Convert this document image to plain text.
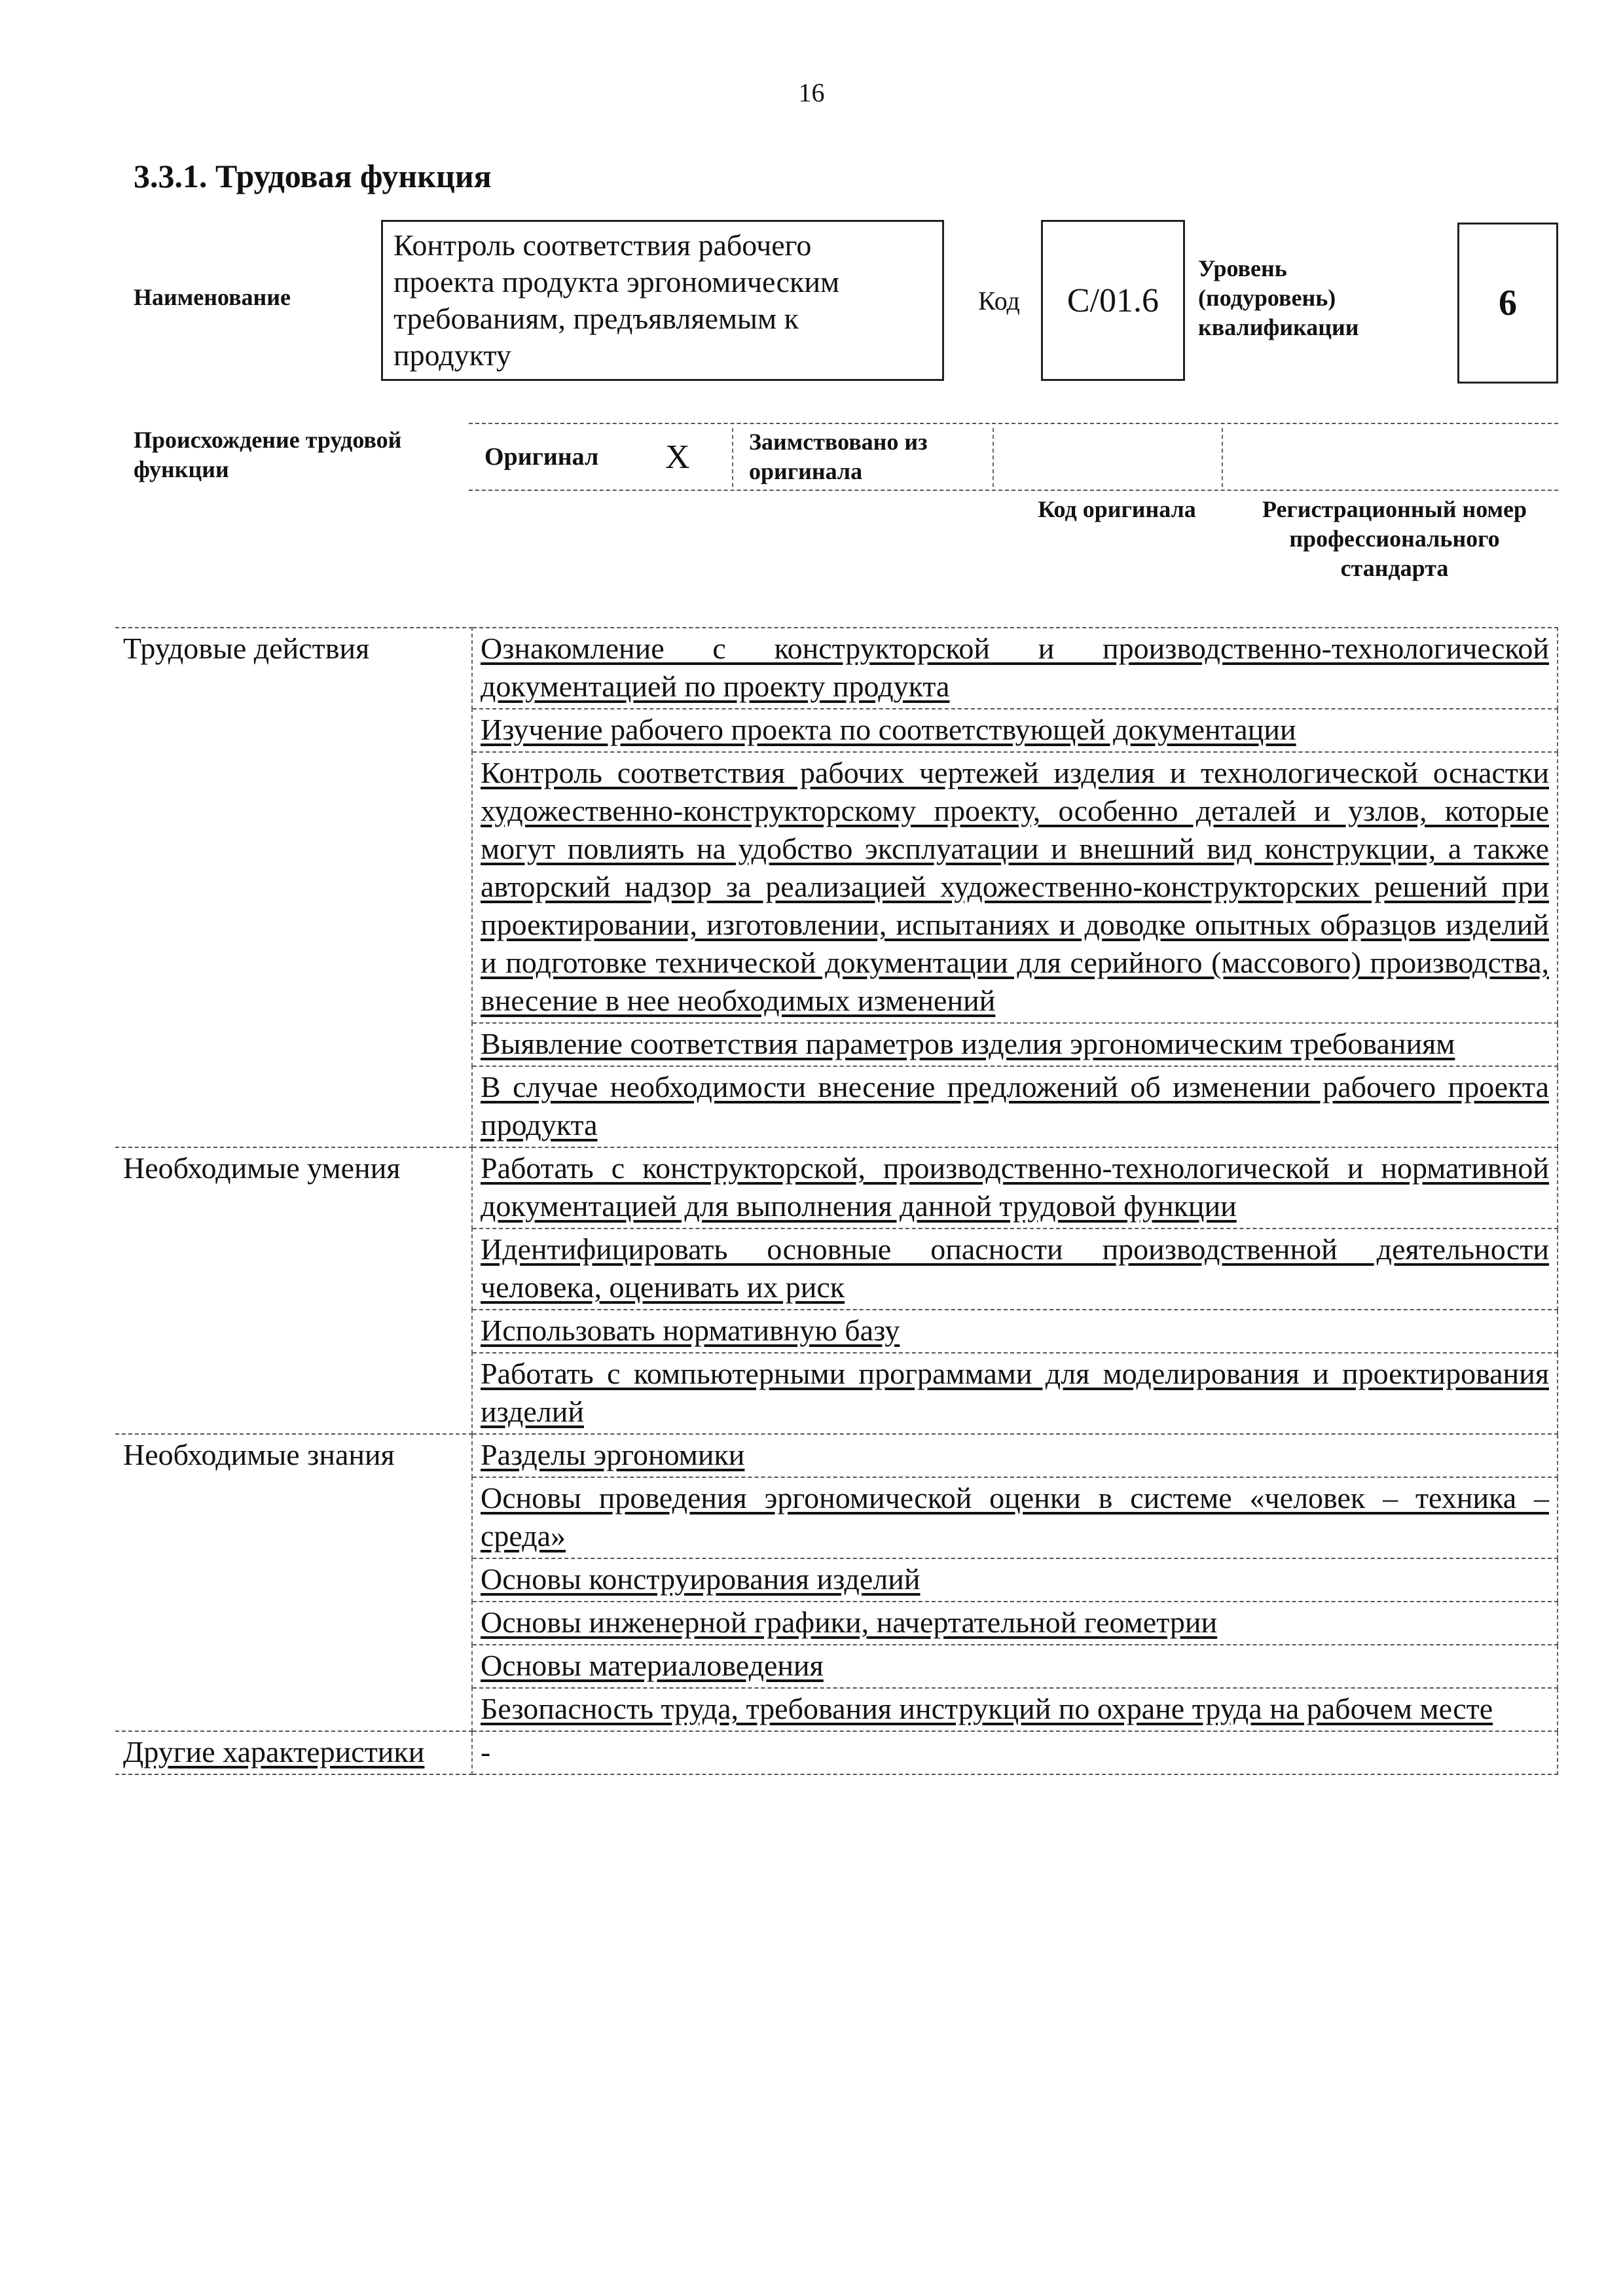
16
3.3.1. Трудовая функция
Наименование
Контроль соответствия рабочего
проекта продукта эргономическим
требованиям, предъявляемым к
продукту
Код	С/01.6
Уровень
(подуровень)
квалификации
6
Происхождение трудовой
функции	Оригинал X	Заимствовано из
оригинала
Код оригинала	Регистрационный номер
профессионального
стандарта
Трудовые действия	Ознакомление с конструкторской и производственно-технологической документацией по проекту продукта
	Изучение рабочего проекта по соответствующей документации
	Контроль соответствия рабочих чертежей изделия и технологической оснастки художественно-конструкторскому проекту, особенно деталей и узлов, которые могут повлиять на удобство эксплуатации и внешний вид конструкции, а также авторский надзор за реализацией художественно-конструкторских решений при проектировании, изготовлении, испытаниях и доводке опытных образцов изделий и подготовке технической документации для серийного (массового) производства, внесение в нее необходимых изменений
	Выявление соответствия параметров изделия эргономическим требованиям
	В случае необходимости внесение предложений об изменении рабочего проекта продукта
Необходимые умения	Работать с конструкторской, производственно-технологической и нормативной документацией для выполнения данной трудовой функции
	Идентифицировать основные опасности производственной деятельности человека, оценивать их риск
	Использовать нормативную базу
	Работать с компьютерными программами для моделирования и проектирования изделий
Необходимые знания	Разделы эргономики
	Основы проведения эргономической оценки в системе «человек – техника – среда»
	Основы конструирования изделий
	Основы инженерной графики, начертательной геометрии
	Основы материаловедения
	Безопасность труда, требования инструкций по охране труда на рабочем месте
Другие характеристики	-
